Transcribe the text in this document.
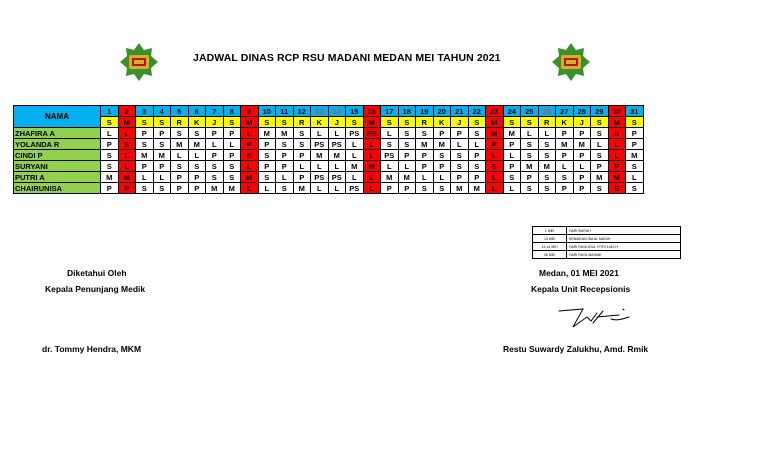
JADWAL DINAS RCP RSU MADANI MEDAN MEI TAHUN 2021
NAMA	1	2	3	4	5	6	7	8	9	10	11	12	13	14	15	16	17	18	19	20	21	22	23	24	25	26	27	28	29	30	31
	S	M	S	S	R	K	J	S	M	S	S	R	K	J	S	M	S	S	R	K	J	S	M	S	S	R	K	J	S	M	S
ZHAFIRA A	L	L	P	P	S	S	P	P	L	M	M	S	L	L	PS	PS	L	S	S	P	P	S	M	M	L	L	P	P	S	S	P
YOLANDA R	P	S	S	S	M	M	L	L	P	P	S	S	PS	PS	L	L	S	S	M	M	L	L	P	P	S	S	M	M	L	L	P
CINDI P	S	L	M	M	L	L	P	P	S	S	P	P	M	M	L	L	PS	P	P	S	S	P	L	L	S	S	P	P	S	L	M
SURYANI	S	L	P	P	S	S	S	S	L	P	P	L	L	L	M	M	L	L	P	P	S	S	S	P	M	M	L	L	P	P	S
PUTRI A	M	M	L	L	P	P	S	S	M	S	L	P	PS	PS	L	L	M	M	L	L	P	P	L	S	P	S	S	P	M	M	L
CHAIRUNISA	P	P	S	S	P	P	M	M	L	L	S	M	L	L	PS	L	P	P	S	S	M	M	L	L	S	S	P	P	S	S	S
1 MEI	HARI BURUH
13 MEI	KENAIKAN ISA AL MASIH
13-14 MEI	HARI RAYA IDUL FITRI 1442 H
26 MEI	HARI RAYA WAISAK
Diketahui Oleh
Kepala Penunjang Medik
dr. Tommy Hendra, MKM
Medan, 01 MEI 2021
Kepala Unit Recepsionis
Restu Suwardy Zalukhu, Amd. Rmik
